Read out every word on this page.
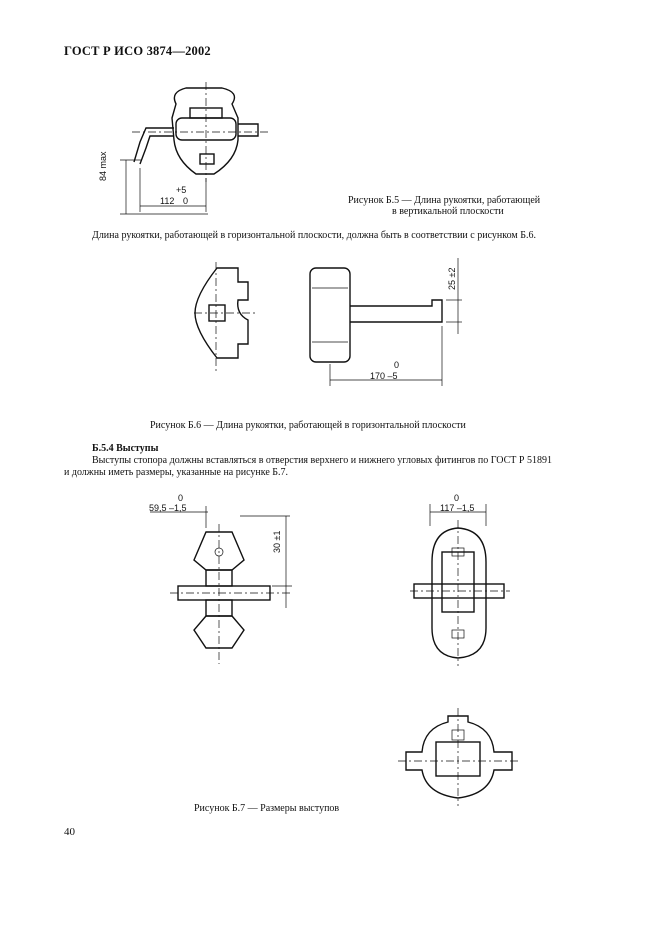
ГОСТ Р ИСО 3874—2002
84 max
+5
112 0	Рисунок Б.5 — Длина рукоятки, работающей
в вертикальной плоскости
Длина рукоятки, работающей в горизонтальной плоскости, должна быть в соответствии с рисунком Б.6.
25 ±2
0
170 –5
Рисунок Б.6 — Длина рукоятки, работающей в горизонтальной плоскости
Б.5.4 Выступы
Выступы стопора должны вставляться в отверстия верхнего и нижнего угловых фитингов по ГОСТ Р 51891
и должны иметь размеры, указанные на рисунке Б.7.
0
59,5 –1,5
30 ±1
0
117 –1,5
Рисунок Б.7 — Размеры выступов
40
